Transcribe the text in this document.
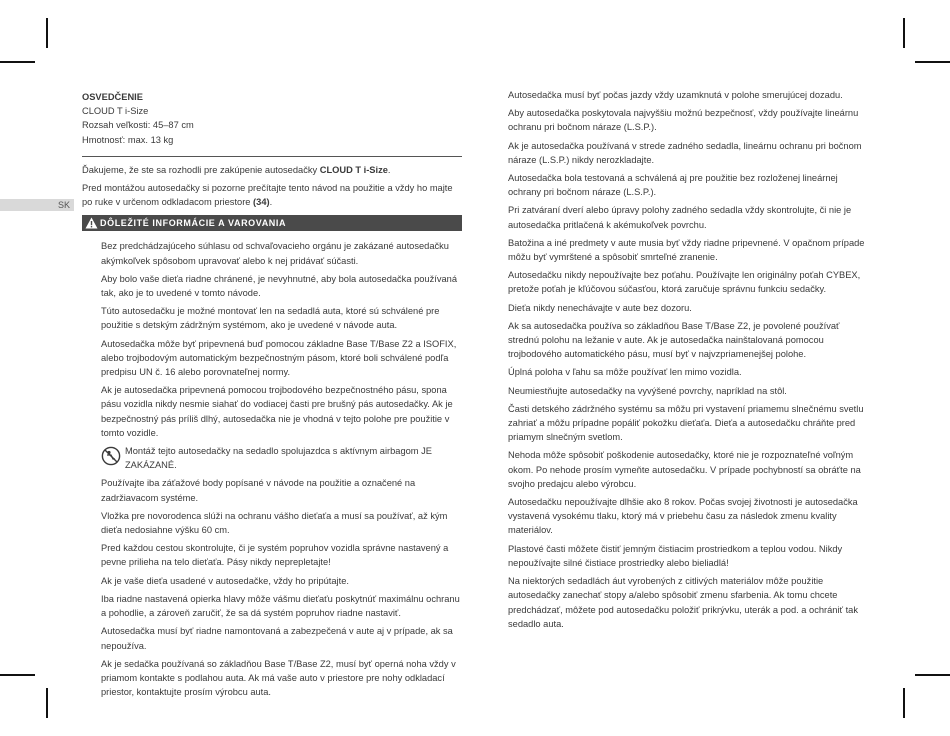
SK
OSVEDČENIE
CLOUD T i-Size
Rozsah veľkosti: 45–87 cm
Hmotnosť: max. 13 kg
Ďakujeme, že ste sa rozhodli pre zakúpenie autosedačky CLOUD T i-Size.
Pred montážou autosedačky si pozorne prečítajte tento návod na použitie a vždy ho majte po ruke v určenom odkladacom priestore (34).
DÔLEŽITÉ INFORMÁCIE A VAROVANIA
Bez predchádzajúceho súhlasu od schvaľovacieho orgánu je zakázané autosedačku akýmkoľvek spôsobom upravovať alebo k nej pridávať súčasti.
Aby bolo vaše dieťa riadne chránené, je nevyhnutné, aby bola autosedačka používaná tak, ako je to uvedené v tomto návode.
Túto autosedačku je možné montovať len na sedadlá auta, ktoré sú schválené pre použitie s detským zádržným systémom, ako je uvedené v návode auta.
Autosedačka môže byť pripevnená buď pomocou základne Base T/Base Z2 a ISOFIX, alebo trojbodovým automatickým bezpečnostným pásom, ktoré boli schválené podľa predpisu UN č. 16 alebo porovnateľnej normy.
Ak je autosedačka pripevnená pomocou trojbodového bezpečnostného pásu, spona pásu vozidla nikdy nesmie siahať do vodiacej časti pre brušný pás autosedačky. Ak je bezpečnostný pás príliš dlhý, autosedačka nie je vhodná v tejto polohe pre použitie v tomto vozidle.
Montáž tejto autosedačky na sedadlo spolujazdca s aktívnym airbagom JE ZAKÁZANÉ.
Používajte iba záťažové body popísané v návode na použitie a označené na zadržiavacom systéme.
Vložka pre novorodenca slúži na ochranu vášho dieťaťa a musí sa používať, až kým dieťa nedosiahne výšku 60 cm.
Pred každou cestou skontrolujte, či je systém popruhov vozidla správne nastavený a pevne prilieha na telo dieťaťa. Pásy nikdy neprepletajte!
Ak je vaše dieťa usadené v autosedačke, vždy ho pripútajte.
Iba riadne nastavená opierka hlavy môže vášmu dieťaťu poskytnúť maximálnu ochranu a pohodlie, a zároveň zaručiť, že sa dá systém popruhov riadne nastaviť.
Autosedačka musí byť riadne namontovaná a zabezpečená v aute aj v prípade, ak sa nepoužíva.
Ak je sedačka používaná so základňou Base T/Base Z2, musí byť operná noha vždy v priamom kontakte s podlahou auta. Ak má vaše auto v priestore pre nohy odkladací priestor, kontaktujte prosím výrobcu auta.
Autosedačka musí byť počas jazdy vždy uzamknutá v polohe smerujúcej dozadu.
Aby autosedačka poskytovala najvyššiu možnú bezpečnosť, vždy používajte lineárnu ochranu pri bočnom náraze (L.S.P.).
Ak je autosedačka používaná v strede zadného sedadla, lineárnu ochranu pri bočnom náraze (L.S.P.) nikdy nerozkladajte.
Autosedačka bola testovaná a schválená aj pre použitie bez rozloženej lineárnej ochrany pri bočnom náraze (L.S.P.).
Pri zatváraní dverí alebo úpravy polohy zadného sedadla vždy skontrolujte, či nie je autosedačka pritlačená k akémukoľvek povrchu.
Batožina a iné predmety v aute musia byť vždy riadne pripevnené. V opačnom prípade môžu byť vymrštené a spôsobiť smrteľné zranenie.
Autosedačku nikdy nepoužívajte bez poťahu. Používajte len originálny poťah CYBEX, pretože poťah je kľúčovou súčasťou, ktorá zaručuje správnu funkciu sedačky.
Dieťa nikdy nenechávajte v aute bez dozoru.
Ak sa autosedačka používa so základňou Base T/Base Z2, je povolené používať strednú polohu na ležanie v aute. Ak je autosedačka nainštalovaná pomocou trojbodového automatického pásu, musí byť v najvzpriamenejšej polohe.
Úplná poloha v ľahu sa môže používať len mimo vozidla.
Neumiestňujte autosedačky na vyvýšené povrchy, napríklad na stôl.
Časti detského zádržného systému sa môžu pri vystavení priamemu slnečnému svetlu zahriať a môžu prípadne popáliť pokožku dieťaťa. Dieťa a autosedačku chráňte pred priamym slnečným svetlom.
Nehoda môže spôsobiť poškodenie autosedačky, ktoré nie je rozpoznateľné voľným okom. Po nehode prosím vymeňte autosedačku. V prípade pochybností sa obráťte na svojho predajcu alebo výrobcu.
Autosedačku nepoužívajte dlhšie ako 8 rokov. Počas svojej životnosti je autosedačka vystavená vysokému tlaku, ktorý má v priebehu času za následok zmenu kvality materiálov.
Plastové časti môžete čistiť jemným čistiacim prostriedkom a teplou vodou. Nikdy nepoužívajte silné čistiace prostriedky alebo bieliadlá!
Na niektorých sedadlách áut vyrobených z citlivých materiálov môže použitie autosedačky zanechať stopy a/alebo spôsobiť zmenu sfarbenia. Ak tomu chcete predchádzať, môžete pod autosedačku položiť prikrývku, uterák a pod. a ochrániť tak sedadlo auta.
